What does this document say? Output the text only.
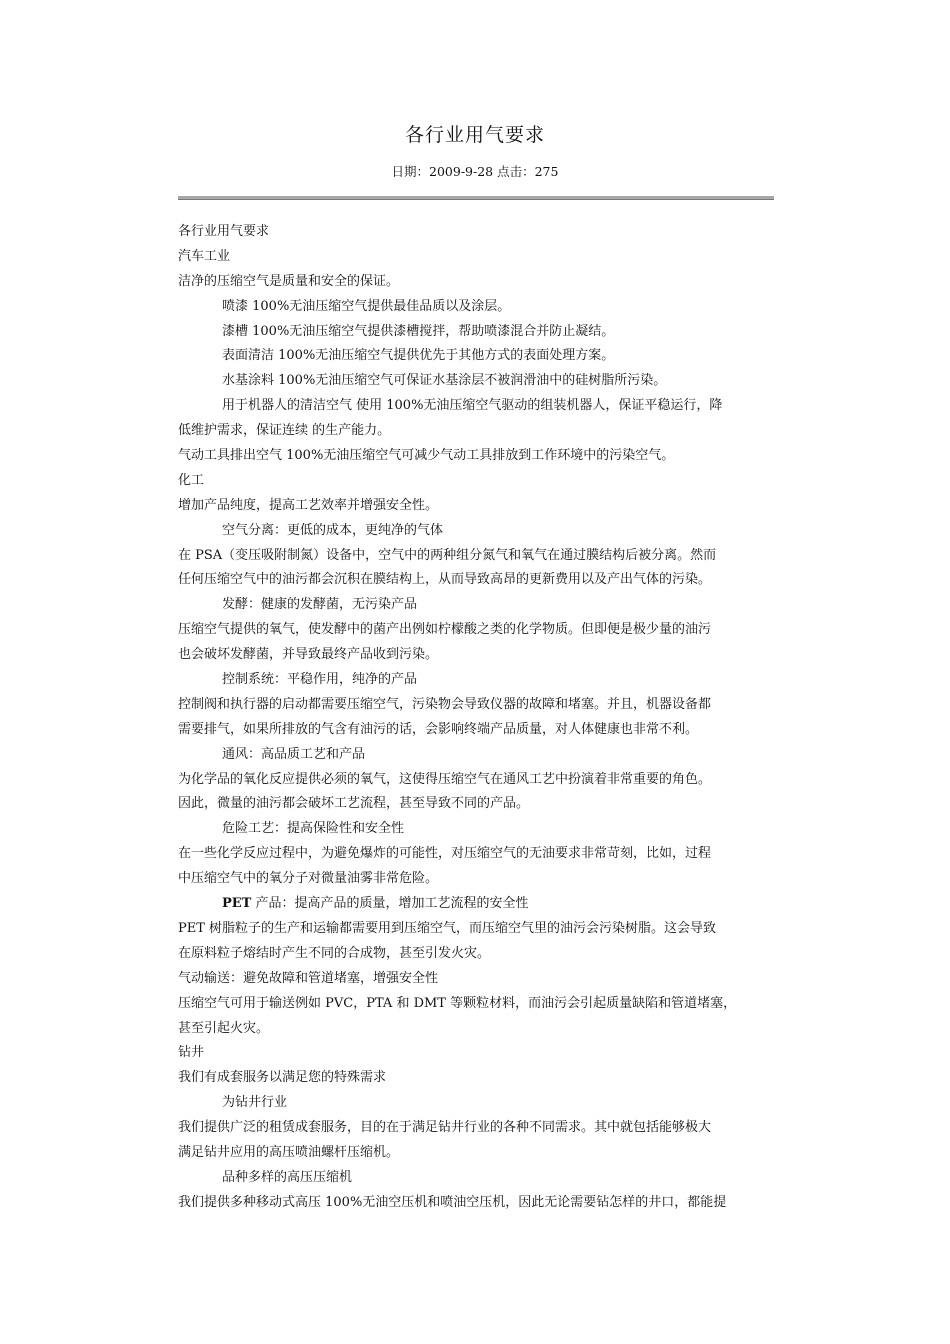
各行业用气要求
日期：2009-9-28 点击：275
各行业用气要求
汽车工业
洁净的压缩空气是质量和安全的保证。
喷漆 100%无油压缩空气提供最佳品质以及涂层。
漆槽 100%无油压缩空气提供漆槽搅拌，帮助喷漆混合并防止凝结。
表面清洁 100%无油压缩空气提供优先于其他方式的表面处理方案。
水基涂料 100%无油压缩空气可保证水基涂层不被润滑油中的硅树脂所污染。
用于机器人的清洁空气 使用 100%无油压缩空气驱动的组装机器人，保证平稳运行，降
低维护需求，保证连续 的生产能力。
气动工具排出空气 100%无油压缩空气可减少气动工具排放到工作环境中的污染空气。
化工
增加产品纯度，提高工艺效率并增强安全性。
空气分离：更低的成本，更纯净的气体
在 PSA（变压吸附制氮）设备中，空气中的两种组分氮气和氧气在通过膜结构后被分离。然而
任何压缩空气中的油污都会沉积在膜结构上，从而导致高昂的更新费用以及产出气体的污染。
发酵：健康的发酵菌，无污染产品
压缩空气提供的氧气，使发酵中的菌产出例如柠檬酸之类的化学物质。但即便是极少量的油污
也会破坏发酵菌，并导致最终产品收到污染。
控制系统：平稳作用，纯净的产品
控制阀和执行器的启动都需要压缩空气，污染物会导致仪器的故障和堵塞。并且，机器设备都
需要排气，如果所排放的气含有油污的话，会影响终端产品质量，对人体健康也非常不利。
通风：高品质工艺和产品
为化学品的氧化反应提供必须的氧气，这使得压缩空气在通风工艺中扮演着非常重要的角色。
因此，微量的油污都会破坏工艺流程，甚至导致不同的产品。
危险工艺：提高保险性和安全性
在一些化学反应过程中，为避免爆炸的可能性，对压缩空气的无油要求非常苛刻，比如，过程
中压缩空气中的氧分子对微量油雾非常危险。
PET 产品：提高产品的质量，增加工艺流程的安全性
PET 树脂粒子的生产和运输都需要用到压缩空气，而压缩空气里的油污会污染树脂。这会导致
在原料粒子熔结时产生不同的合成物，甚至引发火灾。
气动输送：避免故障和管道堵塞，增强安全性
压缩空气可用于输送例如 PVC，PTA 和 DMT 等颗粒材料，而油污会引起质量缺陷和管道堵塞，
甚至引起火灾。
钻井
我们有成套服务以满足您的特殊需求
为钻井行业
我们提供广泛的租赁成套服务，目的在于满足钻井行业的各种不同需求。其中就包括能够极大
满足钻井应用的高压喷油螺杆压缩机。
品种多样的高压压缩机
我们提供多种移动式高压 100%无油空压机和喷油空压机，因此无论需要钻怎样的井口，都能提
